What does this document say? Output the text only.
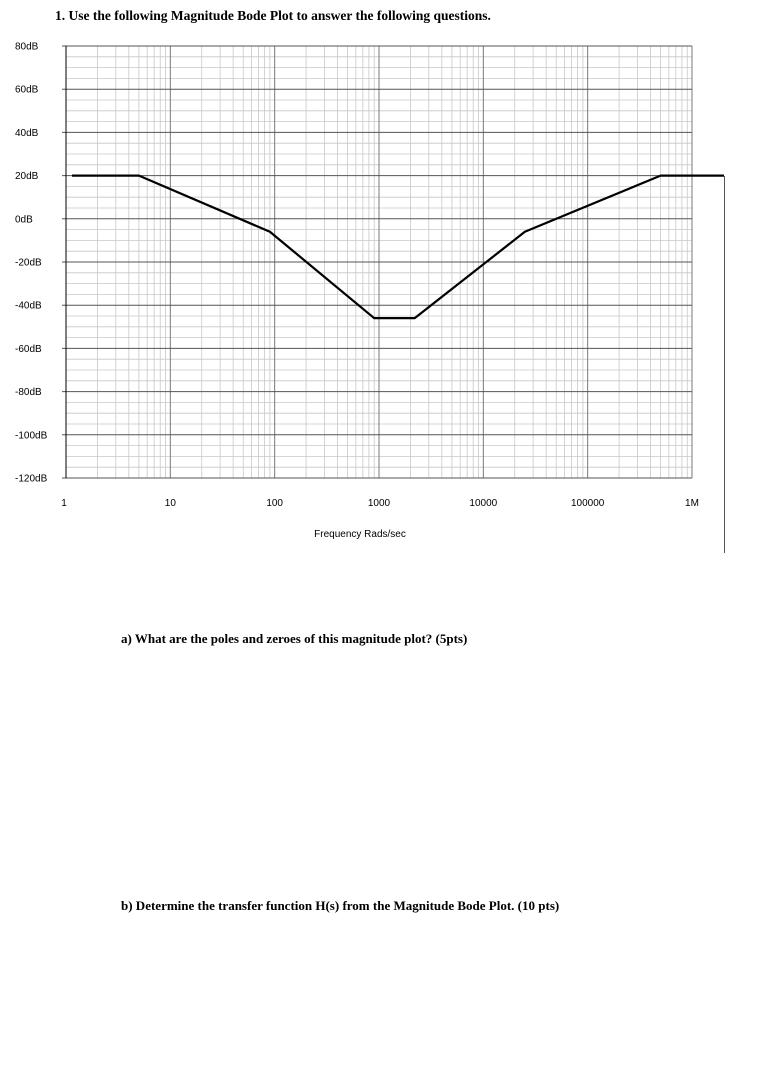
1. Use the following Magnitude Bode Plot to answer the following questions.
80dB
60dB
40dB
20dB
0dB
-20dB
-40dB
-60dB
-80dB
-100dB
-120dB
1	10	100	1000	10000	100000	1M
Frequency Rads/sec
a) What are the poles and zeroes of this magnitude plot? (5pts)
b) Determine the transfer function H(s) from the Magnitude Bode Plot. (10 pts)
